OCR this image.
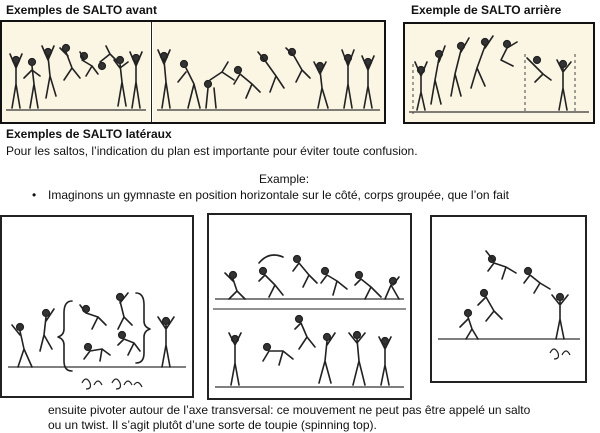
Exemples de SALTO avant	Exemple de SALTO arrière
Exemples de SALTO latéraux
Pour les saltos, l’indication du plan est importante pour éviter toute confusion.
Example:
• Imaginons un gymnaste en position horizontale sur le côté, corps groupée, que l’on fait
ensuite pivoter autour de l’axe transversal: ce mouvement ne peut pas être appelé un salto
ou un twist. Il s’agit plutôt d’une sorte de toupie (spinning top).
